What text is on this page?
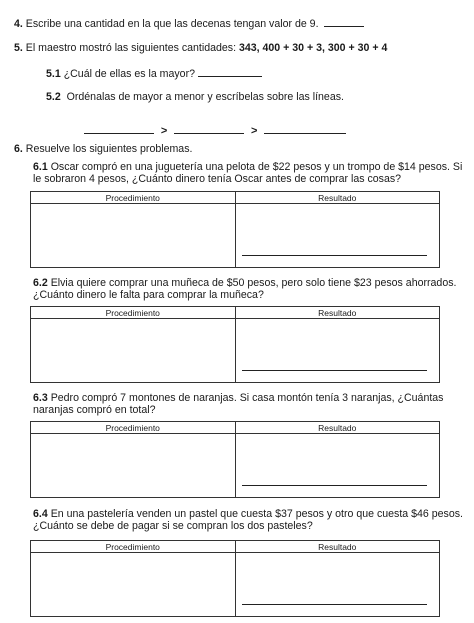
4. Escribe una cantidad en la que las decenas tengan valor de 9.
5. El maestro mostró las siguientes cantidades: 343, 400 + 30 + 3, 300 + 30 + 4
5.1 ¿Cuál de ellas es la mayor?
5.2 Ordénalas de mayor a menor y escríbelas sobre las líneas.
>	>
6. Resuelve los siguientes problemas.
6.1 Oscar compró en una juguetería una pelota de $22 pesos y un trompo de $14 pesos. Si le sobraron 4 pesos, ¿Cuánto dinero tenía Oscar antes de comprar las cosas?
Procedimiento	Resultado

6.2 Elvia quiere comprar una muñeca de $50 pesos, pero solo tiene $23 pesos ahorrados. ¿Cuánto dinero le falta para comprar la muñeca?
Procedimiento	Resultado

6.3 Pedro compró 7 montones de naranjas. Si casa montón tenía 3 naranjas, ¿Cuántas naranjas compró en total?
Procedimiento	Resultado

6.4 En una pastelería venden un pastel que cuesta $37 pesos y otro que cuesta $46 pesos. ¿Cuánto se debe de pagar si se compran los dos pasteles?
Procedimiento	Resultado
